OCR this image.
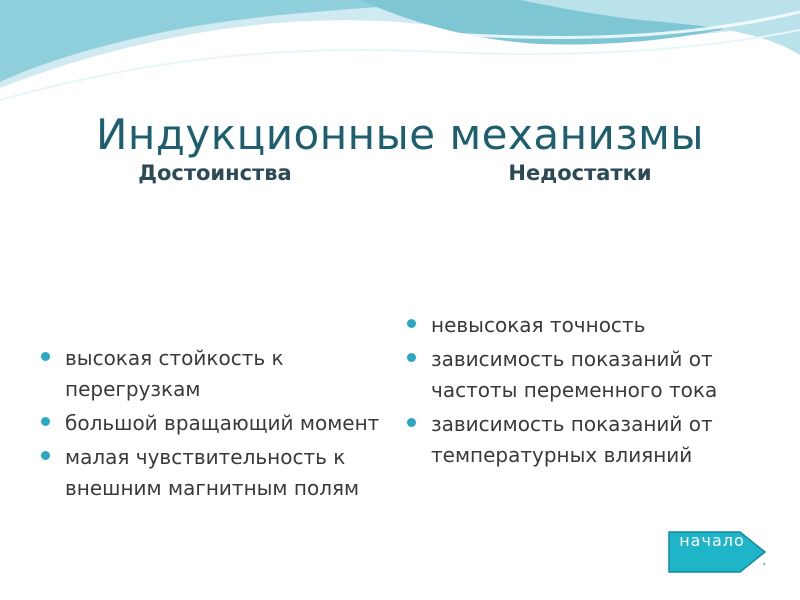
Индукционные механизмы
Достоинства	Недостатки
высокая стойкость к перегрузкам
большой вращающий момент
малая чувствительность к внешним магнитным полям
невысокая точность
зависимость показаний от частоты переменного тока
зависимость показаний от температурных влияний
начало
.
